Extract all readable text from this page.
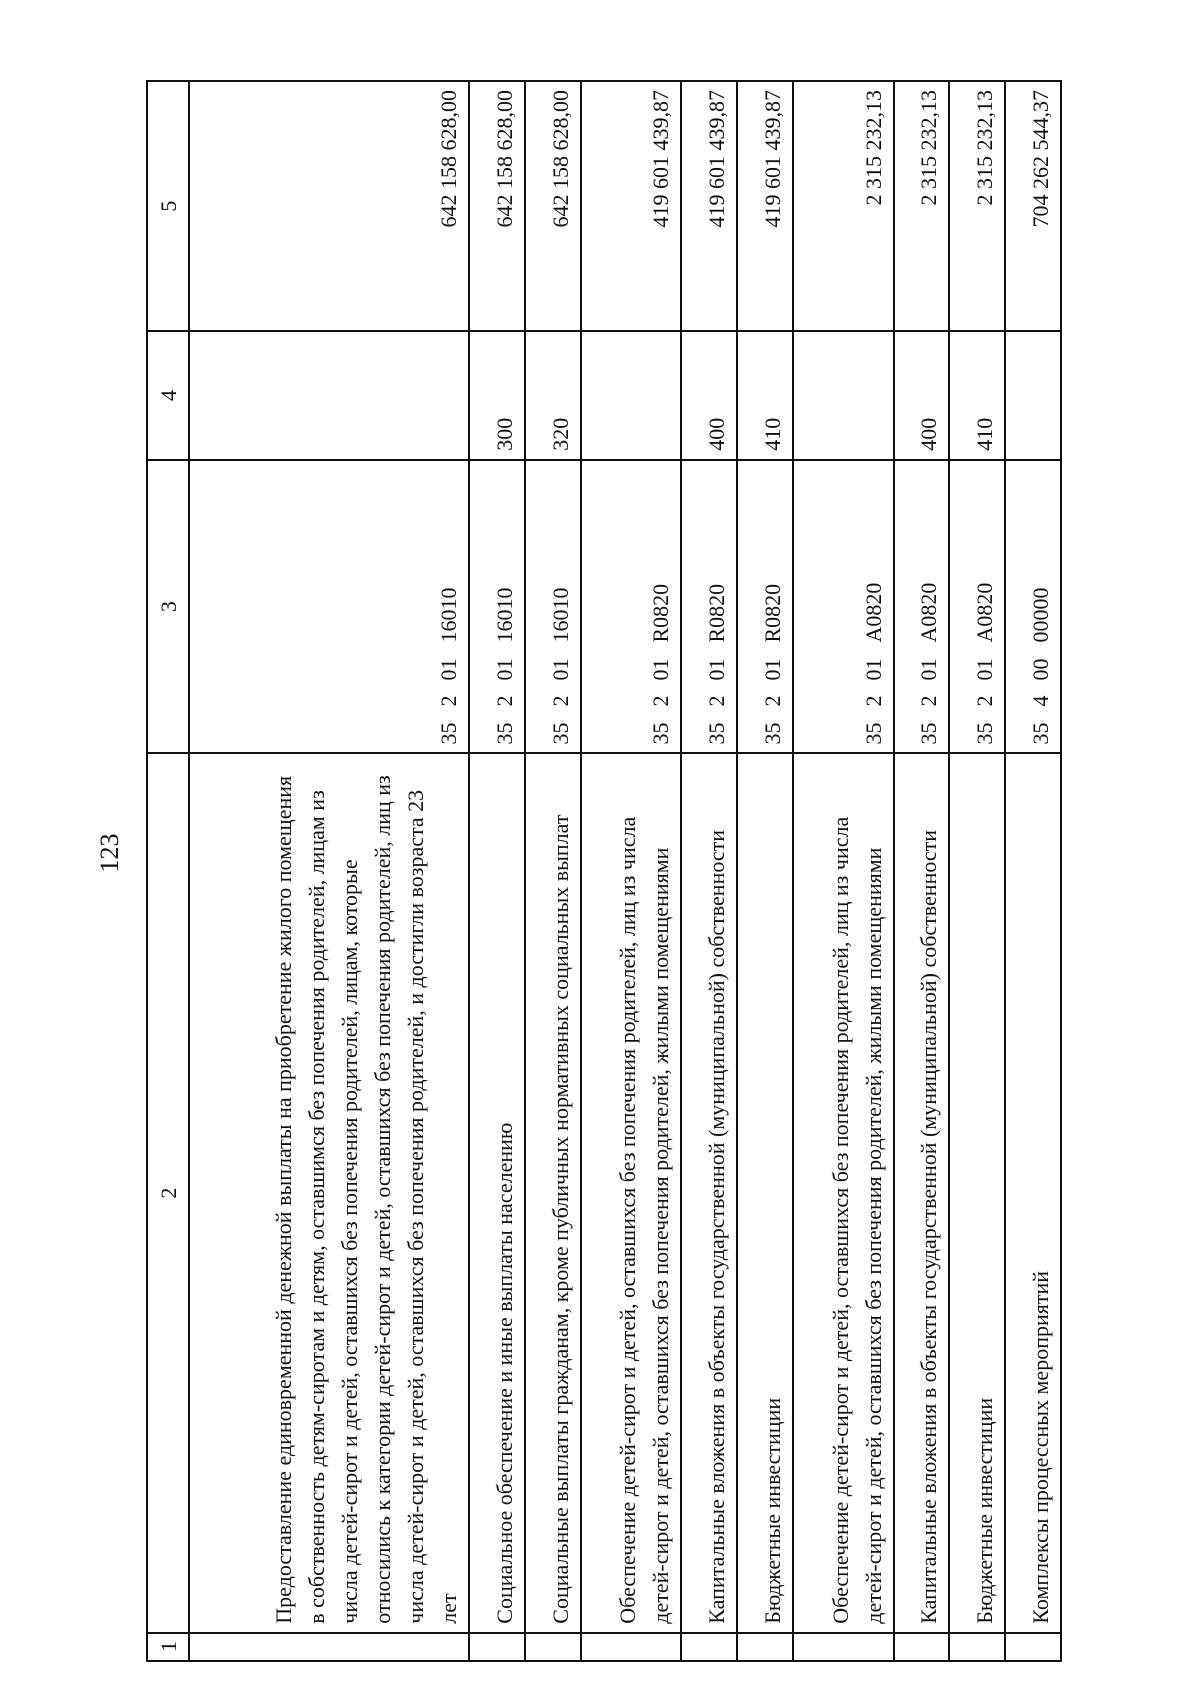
123
1	2	3	4	5
	Предоставление единовременной денежной выплаты на приобретение жилого помещения в собственность детям-сиротам и детям, оставшимся без попечения родителей, лицам из числа детей-сирот и детей, оставшихся без попечения родителей, лицам, которые относились к категории детей-сирот и детей, оставшихся без попечения родителей, лиц из числа детей-сирот и детей, оставшихся без попечения родителей, и достигли возраста 23 лет	3520116010		642 158 628,00
	Социальное обеспечение и иные выплаты населению	3520116010	300	642 158 628,00
	Социальные выплаты гражданам, кроме публичных нормативных социальных выплат	3520116010	320	642 158 628,00
	Обеспечение детей-сирот и детей, оставшихся без попечения родителей, лиц из числа детей-сирот и детей, оставшихся без попечения родителей, жилыми помещениями	35201R0820		419 601 439,87
	Капитальные вложения в объекты государственной (муниципальной) собственности	35201R0820	400	419 601 439,87
	Бюджетные инвестиции	35201R0820	410	419 601 439,87
	Обеспечение детей-сирот и детей, оставшихся без попечения родителей, лиц из числа детей-сирот и детей, оставшихся без попечения родителей, жилыми помещениями	35201A0820		2 315 232,13
	Капитальные вложения в объекты государственной (муниципальной) собственности	35201A0820	400	2 315 232,13
	Бюджетные инвестиции	35201A0820	410	2 315 232,13
	Комплексы процессных мероприятий	3540000000		704 262 544,37
